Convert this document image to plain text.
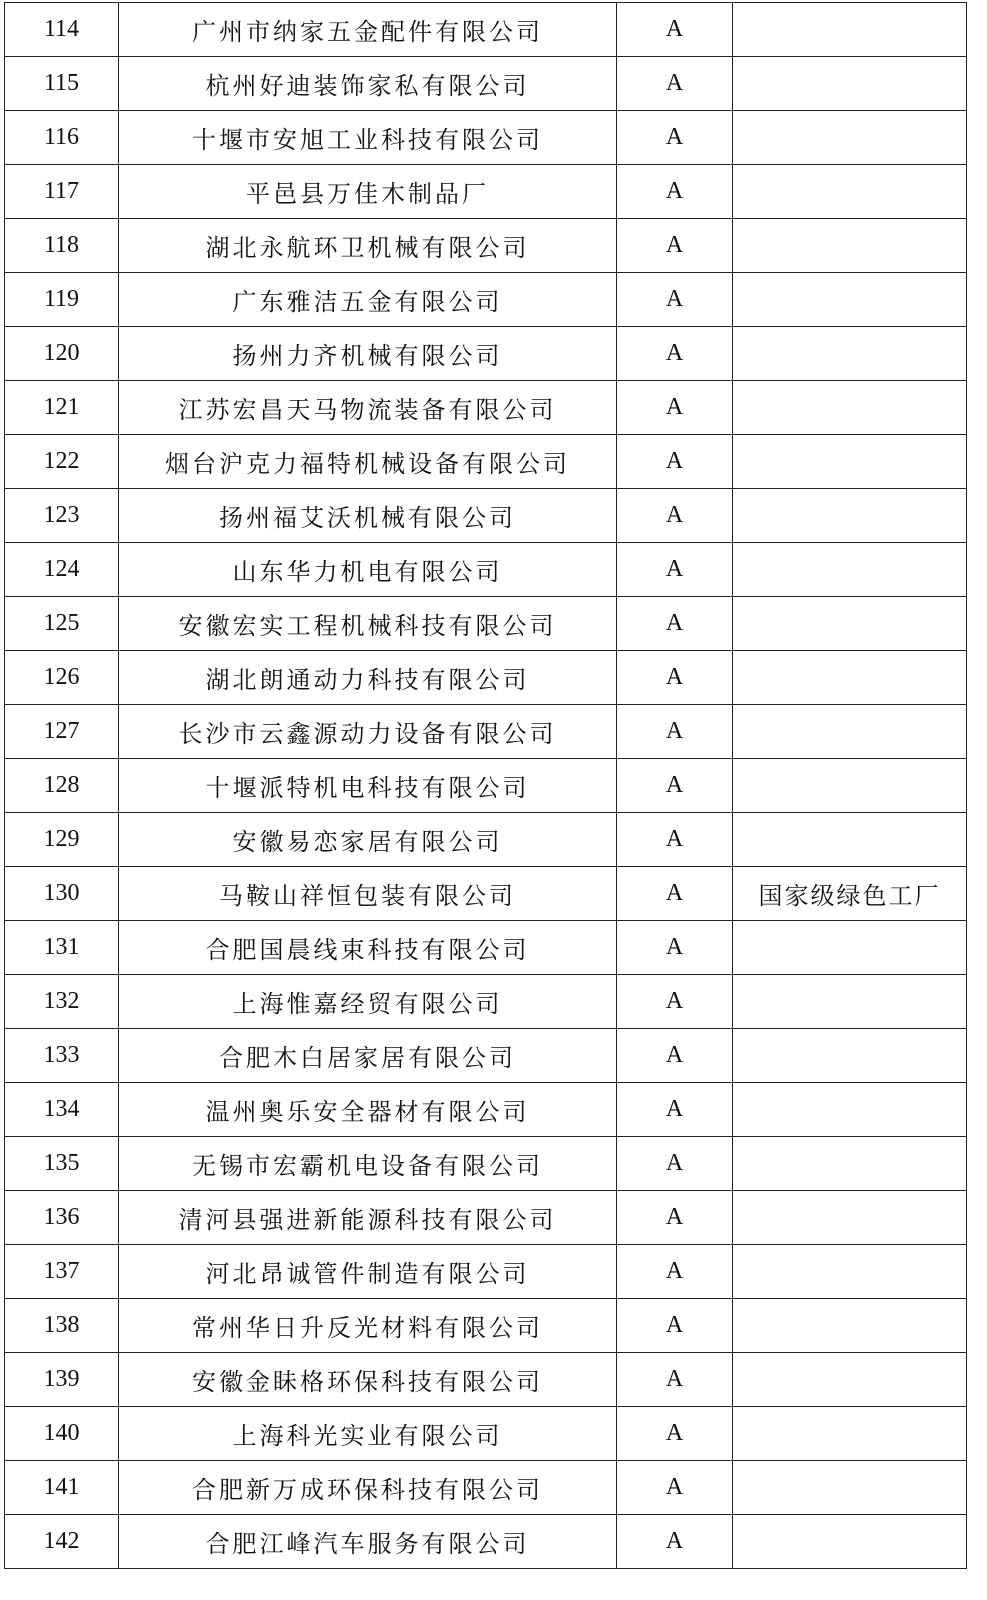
114	广州市纳家五金配件有限公司	A	
115	杭州好迪装饰家私有限公司	A	
116	十堰市安旭工业科技有限公司	A	
117	平邑县万佳木制品厂	A	
118	湖北永航环卫机械有限公司	A	
119	广东雅洁五金有限公司	A	
120	扬州力齐机械有限公司	A	
121	江苏宏昌天马物流装备有限公司	A	
122	烟台沪克力福特机械设备有限公司	A	
123	扬州福艾沃机械有限公司	A	
124	山东华力机电有限公司	A	
125	安徽宏实工程机械科技有限公司	A	
126	湖北朗通动力科技有限公司	A	
127	长沙市云鑫源动力设备有限公司	A	
128	十堰派特机电科技有限公司	A	
129	安徽易恋家居有限公司	A	
130	马鞍山祥恒包装有限公司	A	国家级绿色工厂
131	合肥国晨线束科技有限公司	A	
132	上海惟嘉经贸有限公司	A	
133	合肥木白居家居有限公司	A	
134	温州奥乐安全器材有限公司	A	
135	无锡市宏霸机电设备有限公司	A	
136	清河县强进新能源科技有限公司	A	
137	河北昂诚管件制造有限公司	A	
138	常州华日升反光材料有限公司	A	
139	安徽金眛格环保科技有限公司	A	
140	上海科光实业有限公司	A	
141	合肥新万成环保科技有限公司	A	
142	合肥江峰汽车服务有限公司	A	
